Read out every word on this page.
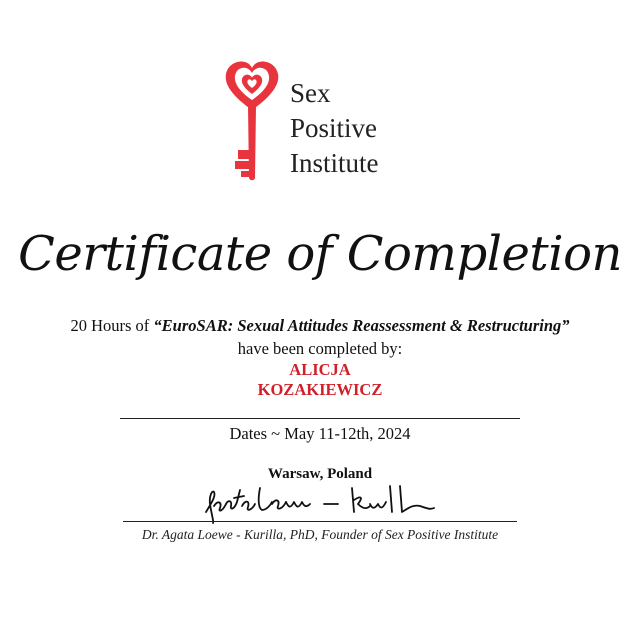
Sex
Positive
Institute
Certificate of Completion
20 Hours of “EuroSAR: Sexual Attitudes Reassessment & Restructuring”
have been completed by:
ALICJA
KOZAKIEWICZ
Dates ~ May 11-12th, 2024
Warsaw, Poland
Dr. Agata Loewe - Kurilla, PhD, Founder of Sex Positive Institute
